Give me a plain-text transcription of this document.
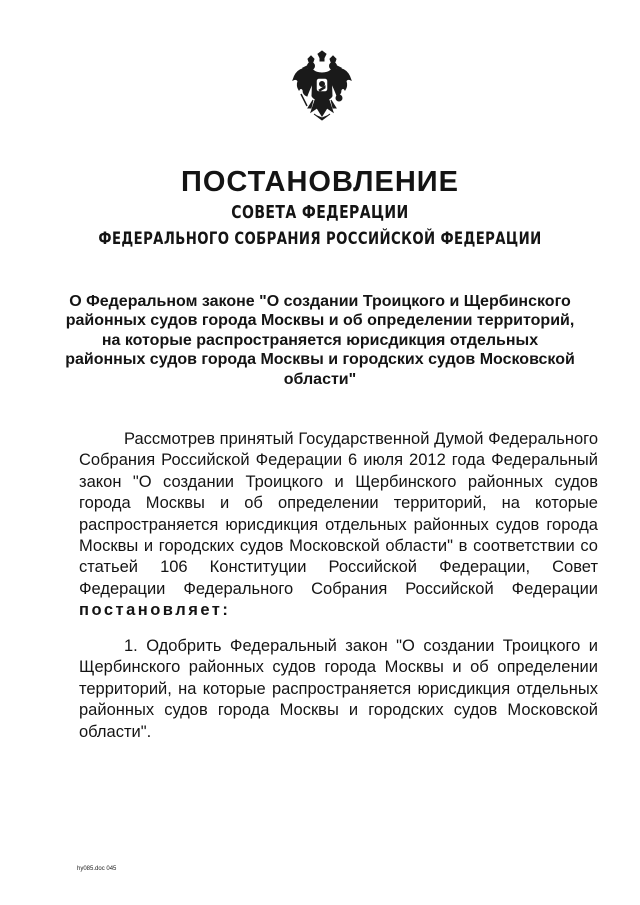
ПОСТАНОВЛЕНИЕ
СОВЕТА ФЕДЕРАЦИИ
ФЕДЕРАЛЬНОГО СОБРАНИЯ РОССИЙСКОЙ ФЕДЕРАЦИИ
О Федеральном законе "О создании Троицкого и Щербинского районных судов города Москвы и об определении территорий, на которые распространяется юрисдикция отдельных районных судов города Москвы и городских судов Московской области"
Рассмотрев принятый Государственной Думой Федерального Собрания Российской Федерации 6 июля 2012 года Федеральный закон "О создании Троицкого и Щербинского районных судов города Москвы и об определении территорий, на которые распространяется юрисдикция отдельных районных судов города Москвы и городских судов Московской области" в соответствии со статьей 106 Конституции Российской Федерации, Совет Федерации Федерального Собрания Российской Федерации постановляет:
1. Одобрить Федеральный закон "О создании Троицкого и Щербинского районных судов города Москвы и об определении территорий, на которые распространяется юрисдикция отдельных районных судов города Москвы и городских судов Московской области".
hy085.doc 045
